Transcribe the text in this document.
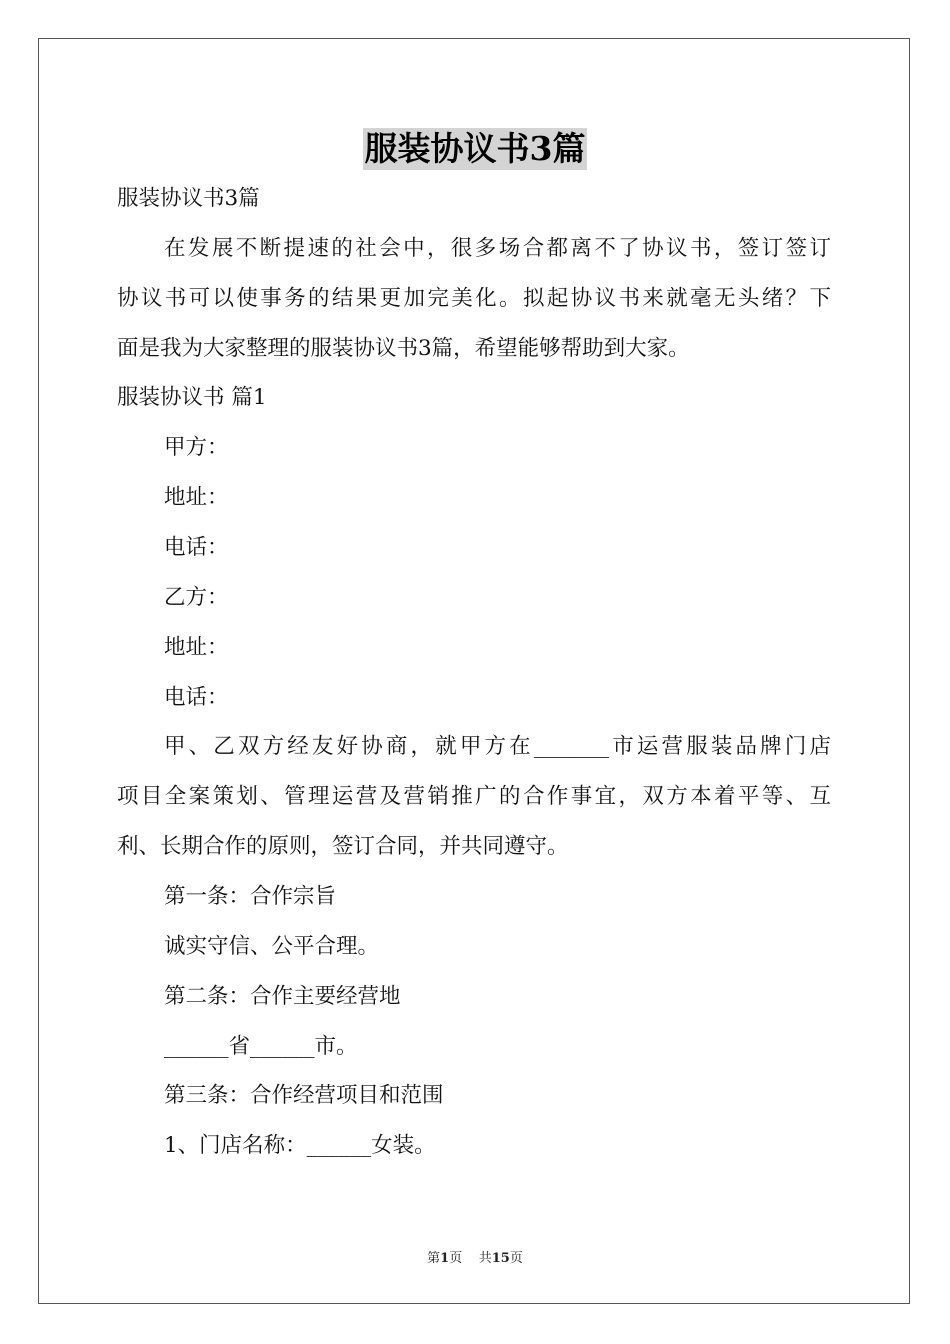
服装协议书3篇
服装协议书3篇
在发展不断提速的社会中，很多场合都离不了协议书，签订签订
协议书可以使事务的结果更加完美化。拟起协议书来就毫无头绪？下
面是我为大家整理的服装协议书3篇，希望能够帮助到大家。
服装协议书 篇1
甲方：
地址：
电话：
乙方：
地址：
电话：
甲、乙双方经友好协商，就甲方在_______市运营服装品牌门店
项目全案策划、管理运营及营销推广的合作事宜，双方本着平等、互
利、长期合作的原则，签订合同，并共同遵守。
第一条：合作宗旨
诚实守信、公平合理。
第二条：合作主要经营地
______省______市。
第三条：合作经营项目和范围
1、门店名称：______女装。
第1页 共15页
